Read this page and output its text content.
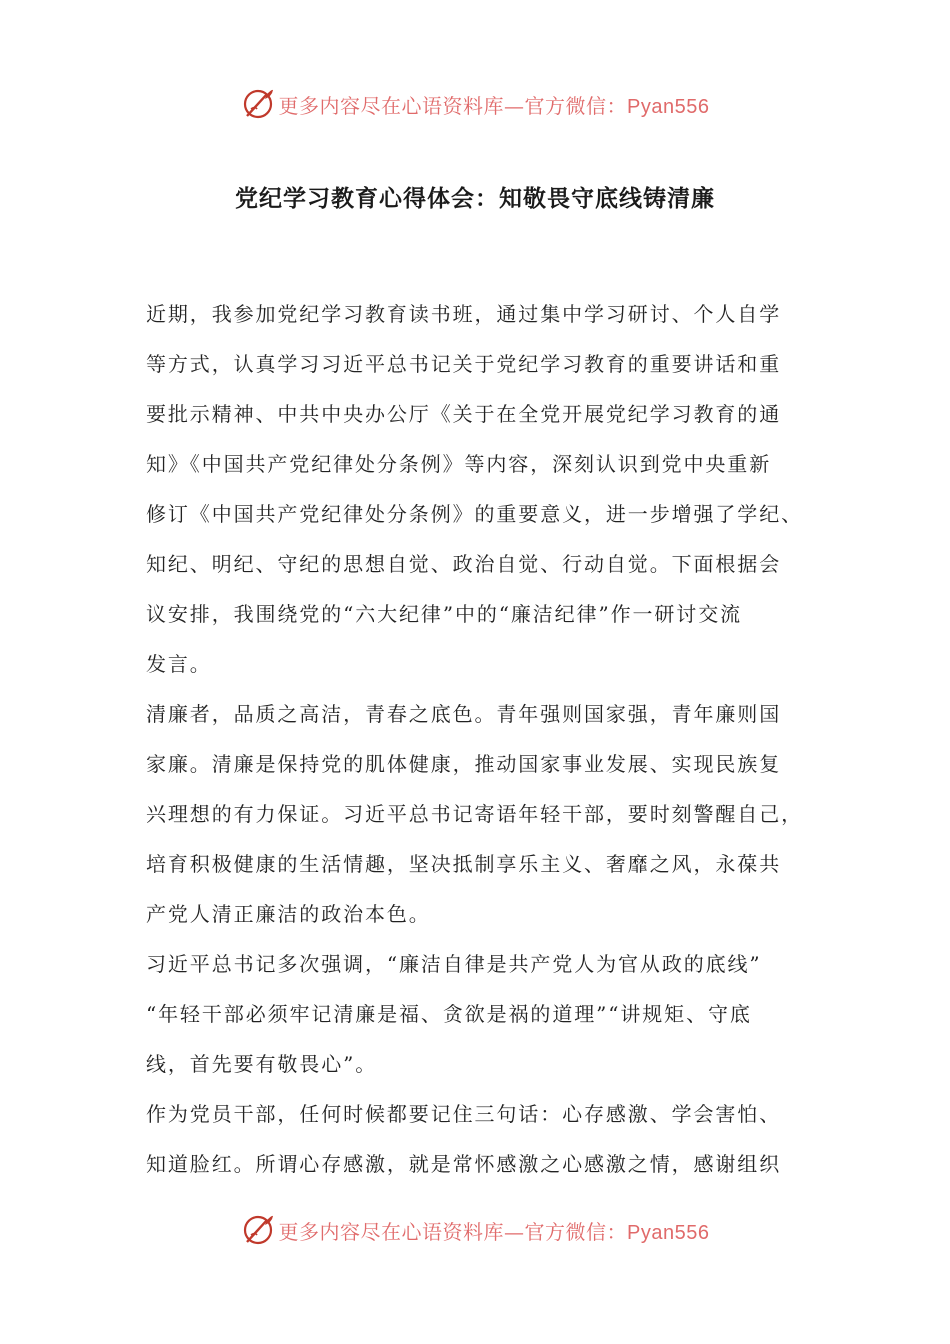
更多内容尽在心语资料库—官方微信：Pyan556
党纪学习教育心得体会：知敬畏守底线铸清廉
近期，我参加党纪学习教育读书班，通过集中学习研讨、个人自学
等方式，认真学习习近平总书记关于党纪学习教育的重要讲话和重
要批示精神、中共中央办公厅《关于在全党开展党纪学习教育的通
知》《中国共产党纪律处分条例》等内容，深刻认识到党中央重新
修订《中国共产党纪律处分条例》的重要意义，进一步增强了学纪、
知纪、明纪、守纪的思想自觉、政治自觉、行动自觉。下面根据会
议安排，我围绕党的“六大纪律”中的“廉洁纪律”作一研讨交流
发言。
清廉者，品质之高洁，青春之底色。青年强则国家强，青年廉则国
家廉。清廉是保持党的肌体健康，推动国家事业发展、实现民族复
兴理想的有力保证。习近平总书记寄语年轻干部，要时刻警醒自己，
培育积极健康的生活情趣，坚决抵制享乐主义、奢靡之风，永葆共
产党人清正廉洁的政治本色。
习近平总书记多次强调，“廉洁自律是共产党人为官从政的底线”
“年轻干部必须牢记清廉是福、贪欲是祸的道理”“讲规矩、守底
线，首先要有敬畏心”。
作为党员干部，任何时候都要记住三句话：心存感激、学会害怕、
知道脸红。所谓心存感激，就是常怀感激之心感激之情，感谢组织
更多内容尽在心语资料库—官方微信：Pyan556
